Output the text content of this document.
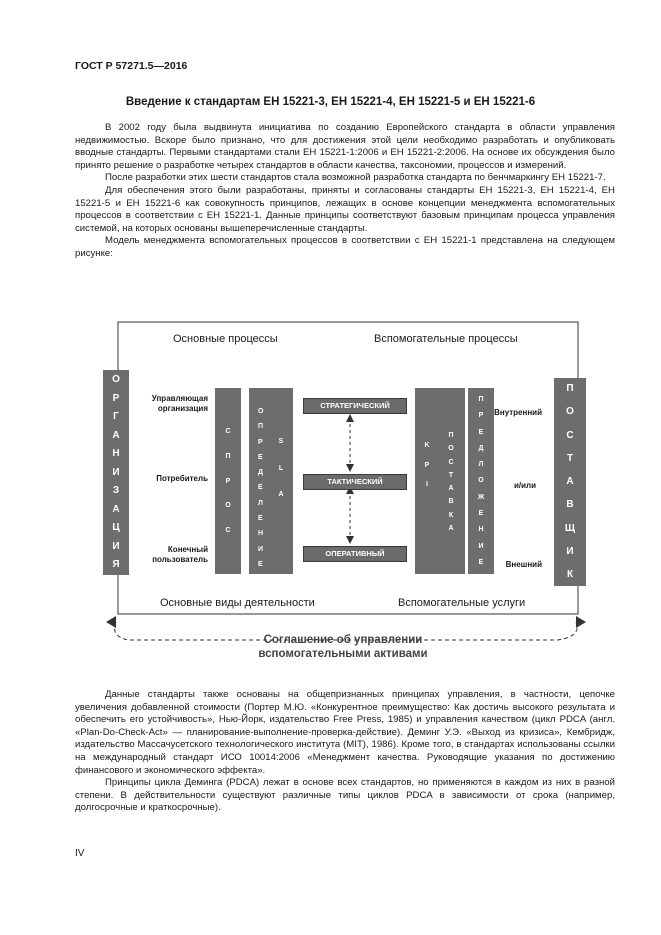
ГОСТ Р 57271.5—2016
Введение к стандартам ЕН 15221-3, ЕН 15221-4, ЕН 15221-5 и ЕН 15221-6

В 2002 году была выдвинута инициатива по созданию Европейского стандарта в области управления недвижимостью. Вскоре было признано, что для достижения этой цели необходимо разработать и опубликовать вводные стандарты. Первыми стандартами стали ЕН 15221-1:2006 и ЕН 15221-2:2006. На основе их обсуждения было принято решение о разработке четырех стандартов в области качества, таксономии, процессов и измерений.

После разработки этих шести стандартов стала возможной разработка стандарта по бенчмаркингу ЕН 15221-7.

Для обеспечения этого были разработаны, приняты и согласованы стандарты ЕН 15221-3, ЕН 15221-4, ЕН 15221-5 и ЕН 15221-6 как совокупность принципов, лежащих в основе концепции менеджмента вспомогательных процессов в соответствии с ЕН 15221-1. Данные принципы соответствуют базовым принципам процесса управления системой, на которых основаны вышеперечисленные стандарты.

Модель менеджмента вспомогательных процессов в соответствии с ЕН 15221-1 представлена на следующем рисунке:

Основные процессы	Вспомогательные процессы
О
Р
Г
А
Н
И
З
А
Ц
И
Я
П
О
С
Т
А
В
Щ
И
К
Управляющая организация
Потребитель
Конечный пользователь
С
П
Р
О
С
О
П
Р
Е
Д
Е
Л
Е
Н
И
Е
S
L
A
СТРАТЕГИЧЕСКИЙ
ТАКТИЧЕСКИЙ
ОПЕРАТИВНЫЙ
K
P
I
П
О
С
Т
А
В
К
А
П
Р
Е
Д
Л
О
Ж
Е
Н
И
Е
Внутренний
и/или
Внешний
Основные виды деятельности	Вспомогательные услуги
Соглашение об управлении
вспомогательными активами

Данные стандарты также основаны на общепризнанных принципах управления, в частности, цепочке увеличения добавленной стоимости (Портер М.Ю. «Конкурентное преимущество: Как достичь высокого результата и обеспечить его устойчивость», Нью-Йорк, издательство Free Press, 1985) и управления качеством (цикл PDCA (англ. «Plan-Do-Check-Act» — планирование-выполнение-проверка-действие). Деминг У.Э. «Выход из кризиса», Кембридж, издательство Массачусетского технологического института (MIT), 1986). Кроме того, в стандартах использованы ссылки на международный стандарт ИСО 10014:2006 «Менеджмент качества. Руководящие указания по достижению финансового и экономического эффекта».

Принципы цикла Деминга (PDCA) лежат в основе всех стандартов, но применяются в каждом из них в разной степени. В действительности существуют различные типы циклов PDCA в зависимости от срока (например, долгосрочные и краткосрочные).

IV
